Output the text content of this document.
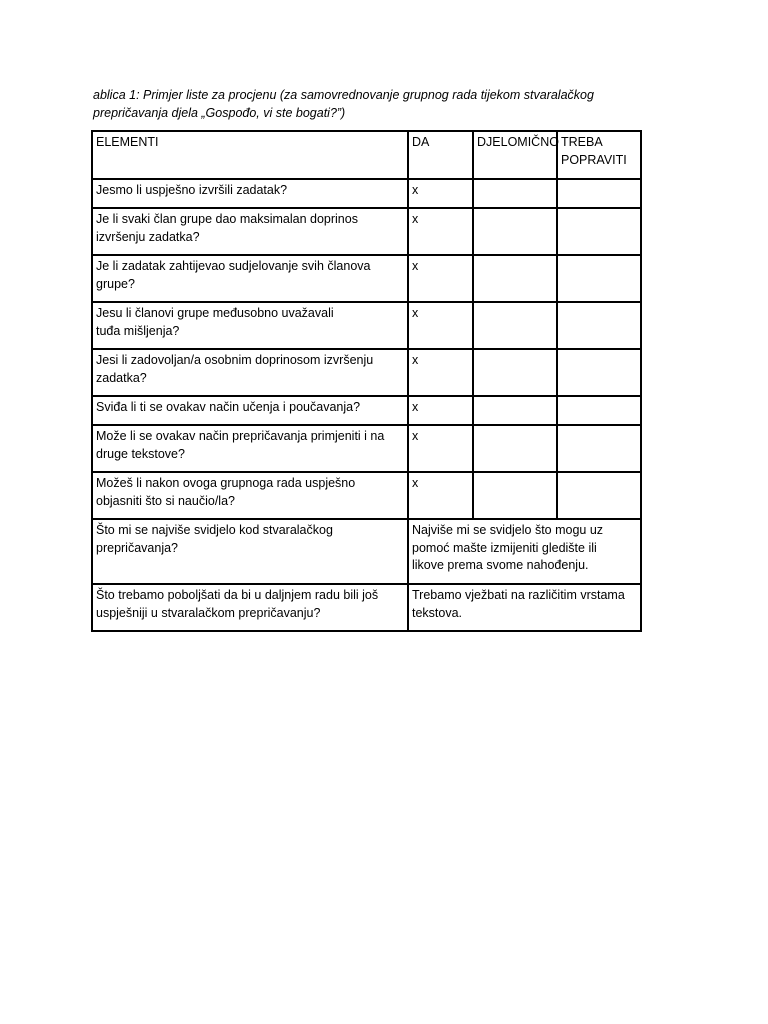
ablica 1: Primjer liste za procjenu (za samovrednovanje grupnog rada tijekom stvaralačkog
prepričavanja djela „Gospođo, vi ste bogati?”)

ELEMENTI	DA	DJELOMIČNO	TREBA
POPRAVITI
Jesmo li uspješno izvršili zadatak?	x		
Je li svaki član grupe dao maksimalan doprinos
izvršenju zadatka?	x		
Je li zadatak zahtijevao sudjelovanje svih članova
grupe?	x		
Jesu li članovi grupe međusobno uvažavali
tuđa mišljenja?	x		
Jesi li zadovoljan/a osobnim doprinosom izvršenju
zadatka?	x		
Sviđa li ti se ovakav način učenja i poučavanja?	x		
Može li se ovakav način prepričavanja primjeniti i na
druge tekstove?	x		
Možeš li nakon ovoga grupnoga rada uspješno
objasniti što si naučio/la?	x		
Što mi se najviše svidjelo kod stvaralačkog
prepričavanja?	Najviše mi se svidjelo što mogu uz
pomoć mašte izmijeniti gledište ili
likove prema svome nahođenju.		
Što trebamo poboljšati da bi u daljnjem radu bili još
uspješniji u stvaralačkom prepričavanju?	Trebamo vježbati na različitim vrstama
tekstova.		
